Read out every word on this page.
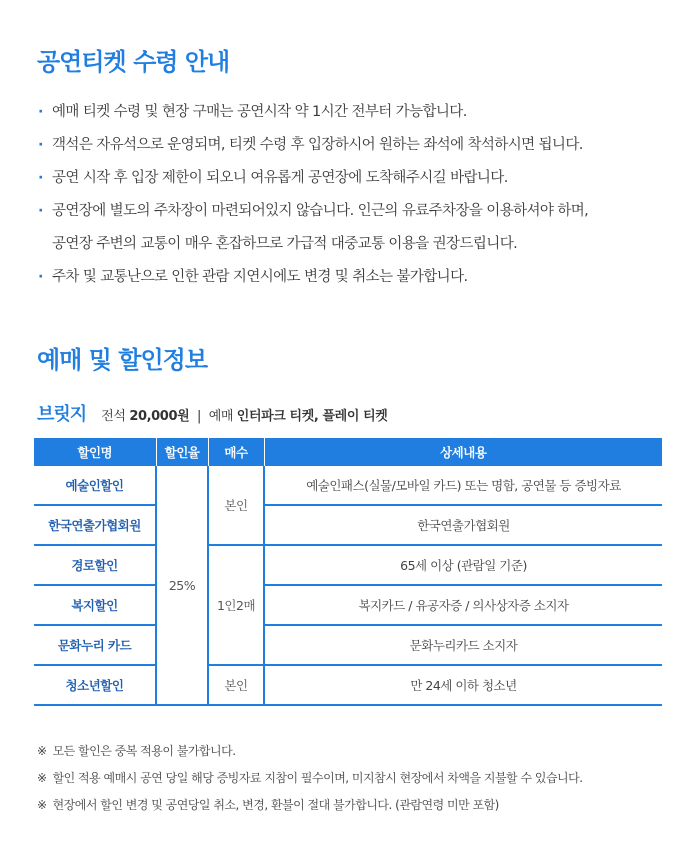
공연티켓 수령 안내
· 예매 티켓 수령 및 현장 구매는 공연시작 약 1시간 전부터 가능합니다.
· 객석은 자유석으로 운영되며, 티켓 수령 후 입장하시어 원하는 좌석에 착석하시면 됩니다.
· 공연 시작 후 입장 제한이 되오니 여유롭게 공연장에 도착해주시길 바랍니다.
· 공연장에 별도의 주차장이 마련되어있지 않습니다. 인근의 유료주차장을 이용하셔야 하며,
공연장 주변의 교통이 매우 혼잡하므로 가급적 대중교통 이용을 권장드립니다.
· 주차 및 교통난으로 인한 관람 지연시에도 변경 및 취소는 불가합니다.
예매 및 할인정보
브릿지 전석 20,000원 | 예매 인터파크 티켓, 플레이 티켓
할인명	할인율	매수	상세내용
예술인할인	25%	본인	예술인패스(실물/모바일 카드) 또는 명함, 공연물 등 증빙자료
한국연출가협회원			한국연출가협회원
경로할인		1인2매	65세 이상 (관람일 기준)
복지할인			복지카드 / 유공자증 / 의사상자증 소지자
문화누리 카드			문화누리카드 소지자
청소년할인		본인	만 24세 이하 청소년
※ 모든 할인은 중복 적용이 불가합니다.
※ 할인 적용 예매시 공연 당일 해당 증빙자료 지참이 필수이며, 미지참시 현장에서 차액을 지불할 수 있습니다.
※ 현장에서 할인 변경 및 공연당일 취소, 변경, 환불이 절대 불가합니다. (관람연령 미만 포함)
